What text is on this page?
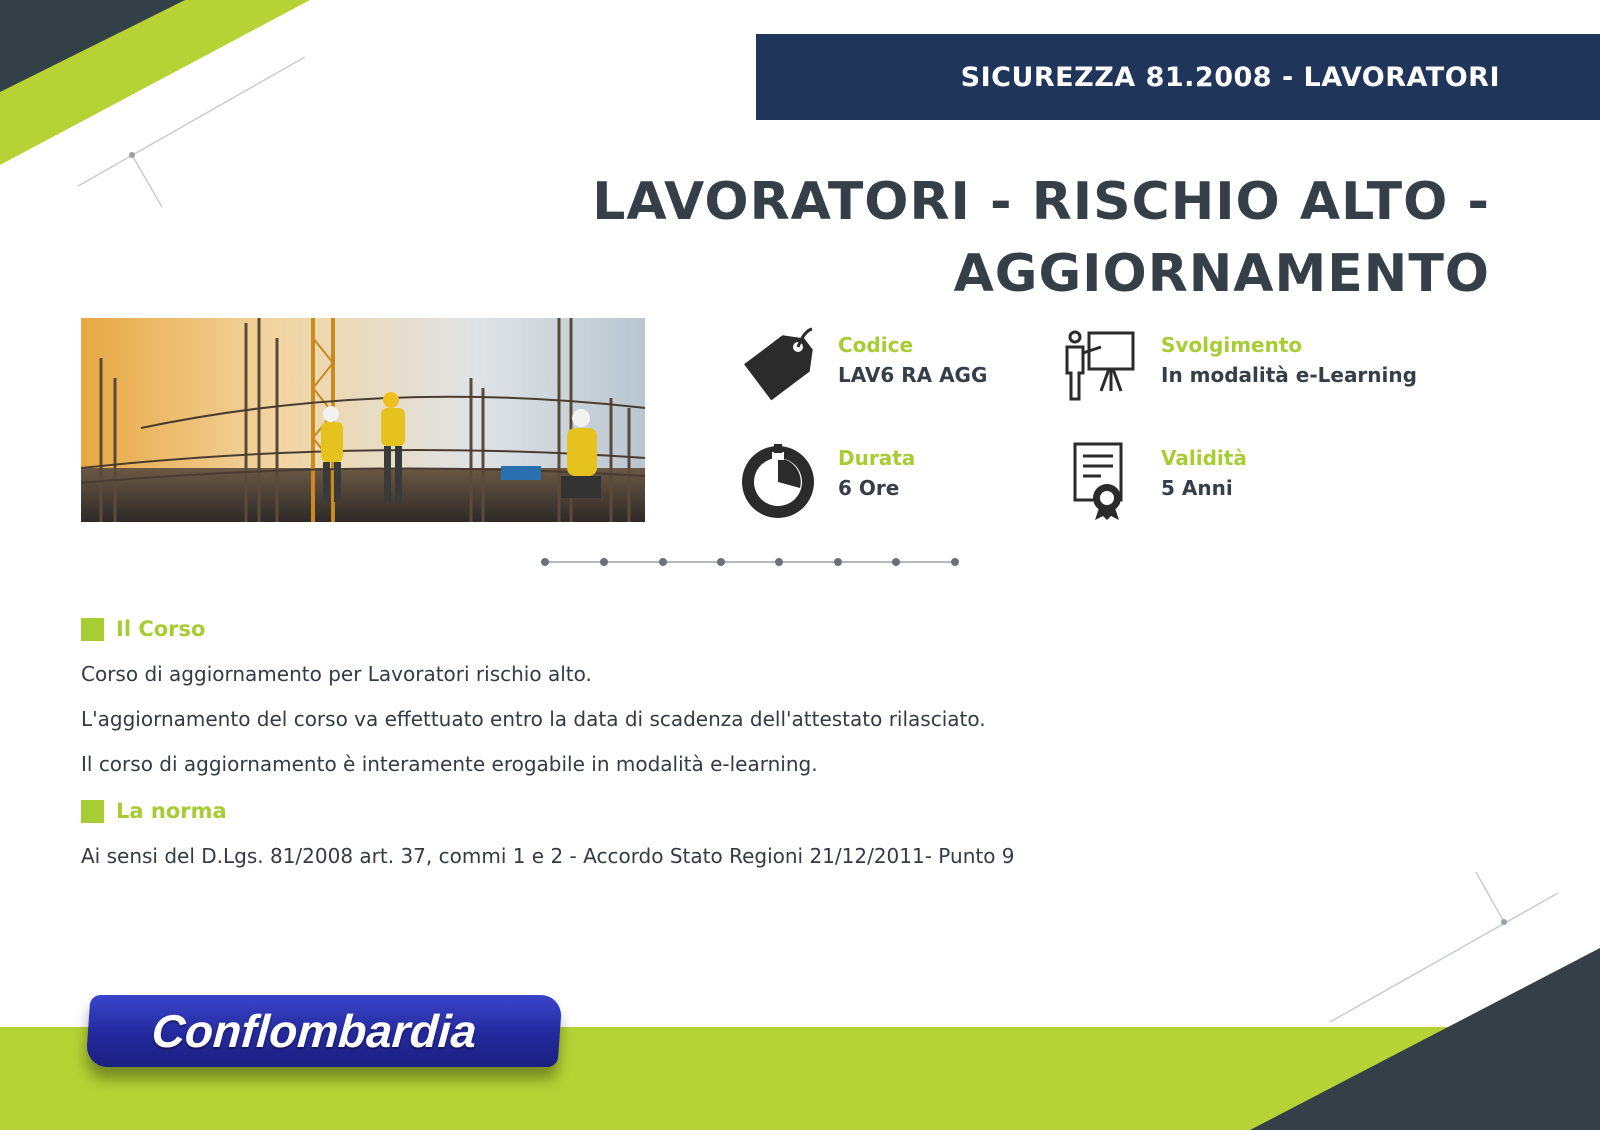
SICUREZZA 81.2008 - LAVORATORI
LAVORATORI - RISCHIO ALTO -
AGGIORNAMENTO
Codice
LAV6 RA AGG
Svolgimento
In modalità e-Learning
Durata
6 Ore
Validità
5 Anni
Il Corso
Corso di aggiornamento per Lavoratori rischio alto.
L'aggiornamento del corso va effettuato entro la data di scadenza dell'attestato rilasciato.
Il corso di aggiornamento è interamente erogabile in modalità e-learning.
La norma
Ai sensi del D.Lgs. 81/2008 art. 37, commi 1 e 2 - Accordo Stato Regioni 21/12/2011- Punto 9
Conflombardia
